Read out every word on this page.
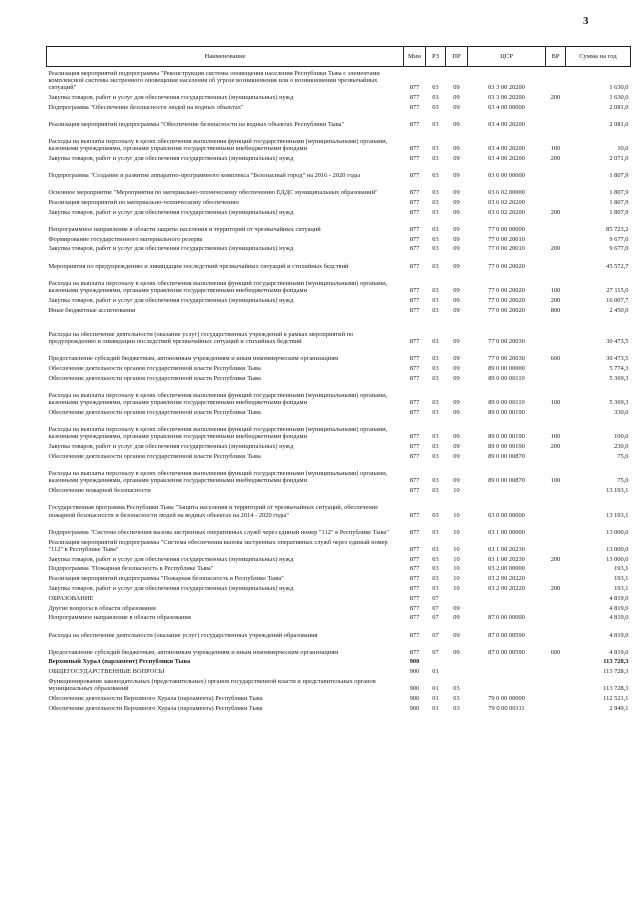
3
Наименование	Мин	РЗ	ПР	ЦСР	ВР	Сумма на год
Реализация мероприятий подпрограммы "Реконструкция системы оповещения населения Республики Тыва с элементами комплексной системы экстренного оповещения населения об угрозе возникновения или о возникновении чрезвычайных ситуаций"	877	03	09	03 3 00 20200		1 630,0
Закупка товаров, работ и услуг для обеспечения государственных (муниципальных) нужд	877	03	09	03 3 00 20200	200	1 630,0
Подпрограмма "Обеспечение безопасности людей на водных объектах"	877	03	09	03 4 00 00000		2 081,0
Реализация мероприятий подпрограммы "Обеспечение безопасности на водных объектах Республики Тыва"	877	03	09	03 4 00 20200		2 081,0
Расходы на выплаты персоналу в целях обеспечения выполнения функций государственными (муниципальными) органами, казенными учреждениями, органами управления государственными внебюджетными фондами	877	03	09	03 4 00 20200	100	10,0
Закупка товаров, работ и услуг для обеспечения государственных (муниципальных) нужд	877	03	09	03 4 00 20200	200	2 071,0
Подпрограмма "Создание и развитие аппаратно-программного комплекса "Безопасный город" на 2016 - 2020 годы	877	03	09	03 6 00 00000		1 807,9
Основное мероприятие "Мероприятия по материально-техническому обеспечению ЕДДС муниципальных образований"	877	03	09	03 6 02 00000		1 807,9
Реализация мероприятий по материально-техническому обеспечению	877	03	09	03 6 02 20200		1 807,9
Закупка товаров, работ и услуг для обеспечения государственных (муниципальных) нужд	877	03	09	03 6 02 20200	200	1 807,9
Непрограммное направление в области защиты населения и территорий от чрезвычайных ситуаций	877	03	09	77 0 00 00000		85 723,2
Формирование государственного материального резерва	877	03	09	77 0 00 20010		9 677,0
Закупка товаров, работ и услуг для обеспечения государственных (муниципальных) нужд	877	03	09	77 0 00 20010	200	9 677,0
Мероприятия по предупреждению и ликвидации последствий чрезвычайных ситуаций и стихийных бедствий	877	03	09	77 0 00 20020		45 572,7
Расходы на выплаты персоналу в целях обеспечения выполнения функций государственными (муниципальными) органами, казенными учреждениями, органами управления государственными внебюджетными фондами	877	03	09	77 0 00 20020	100	27 115,0
Закупка товаров, работ и услуг для обеспечения государственных (муниципальных) нужд	877	03	09	77 0 00 20020	200	16 007,7
Иные бюджетные ассигнования	877	03	09	77 0 00 20020	800	2 450,0
Расходы на обеспечение деятельности (оказание услуг) государственных учреждений в рамках мероприятий по предупреждению и ликвидации последствий чрезвычайных ситуаций и стихийных бедствий	877	03	09	77 0 00 20030		30 473,5
Предоставление субсидий бюджетным, автономным учреждениям и иным некоммерческим организациям	877	03	09	77 0 00 20030	600	30 473,5
Обеспечение деятельности органов государственной власти Республики Тыва	877	03	09	89 0 00 00000		5 774,3
Обеспечение деятельности органов государственной власти Республики Тыва	877	03	09	89 0 00 00110		5 369,3
Расходы на выплаты персоналу в целях обеспечения выполнения функций государственными (муниципальными) органами, казенными учреждениями, органами управления государственными внебюджетными фондами	877	03	09	89 0 00 00110	100	5 369,3
Обеспечение деятельности органов государственной власти Республики Тыва	877	03	09	89 0 00 00190		330,0
Расходы на выплаты персоналу в целях обеспечения выполнения функций государственными (муниципальными) органами, казенными учреждениями, органами управления государственными внебюджетными фондами	877	03	09	89 0 00 00190	100	100,0
Закупка товаров, работ и услуг для обеспечения государственных (муниципальных) нужд	877	03	09	89 0 00 00190	200	230,0
Обеспечение деятельности органов государственной власти Республики Тыва	877	03	09	89 0 00 00870		75,0
Расходы на выплаты персоналу в целях обеспечения выполнения функций государственными (муниципальными) органами, казенными учреждениями, органами управления государственными внебюджетными фондами	877	03	09	89 0 00 00870	100	75,0
Обеспечение пожарной безопасности	877	03	10			13 193,1
Государственная программа Республики Тыва "Защита населения и территорий от чрезвычайных ситуаций, обеспечение пожарной безопасности и безопасности людей на водных объектах на 2014 - 2020 годы"	877	03	10	03 0 00 00000		13 193,1
Подпрограмма "Система обеспечения вызова экстренных оперативных служб через единый номер "112" в Республике Тыва"	877	03	10	03 1 00 00000		13 000,0
Реализация мероприятий подпрограммы "Система обеспечения вызова экстренных оперативных служб через единый номер "112" в Республике Тыва"	877	03	10	03 1 00 20230		13 000,0
Закупка товаров, работ и услуг для обеспечения государственных (муниципальных) нужд	877	03	10	03 1 00 20230	200	13 000,0
Подпрограмма "Пожарная безопасность в Республике Тыва"	877	03	10	03 2 00 00000		193,1
Реализация мероприятий подпрограммы "Пожарная безопасность в Республике Тыва"	877	03	10	03 2 00 20220		193,1
Закупка товаров, работ и услуг для обеспечения государственных (муниципальных) нужд	877	03	10	03 2 00 20220	200	193,1
ОБРАЗОВАНИЕ	877	07				4 819,0
Другие вопросы в области образования	877	07	09			4 819,0
Непрограммное направление в области образования	877	07	09	87 0 00 00000		4 819,0
Расходы на обеспечение деятельности (оказание услуг) государственных учреждений образования	877	07	09	87 0 00 00590		4 819,0
Предоставление субсидий бюджетным, автономным учреждениям и иным некоммерческим организациям	877	07	09	87 0 00 00590	600	4 819,0
Верховный Хурал (парламент) Республики Тыва	900					113 728,3
ОБЩЕГОСУДАРСТВЕННЫЕ ВОПРОСЫ	900	01				113 728,3
Функционирование законодательных (представительных) органов государственной власти и представительных органов муниципальных образований	900	01	03			113 728,3
Обеспечение деятельности Верховного Хурала (парламента) Республики Тыва	900	01	03	79 0 00 00000		112 521,1
Обеспечение деятельности Верховного Хурала (парламента) Республики Тыва	900	01	03	79 0 00 00111		2 949,1
